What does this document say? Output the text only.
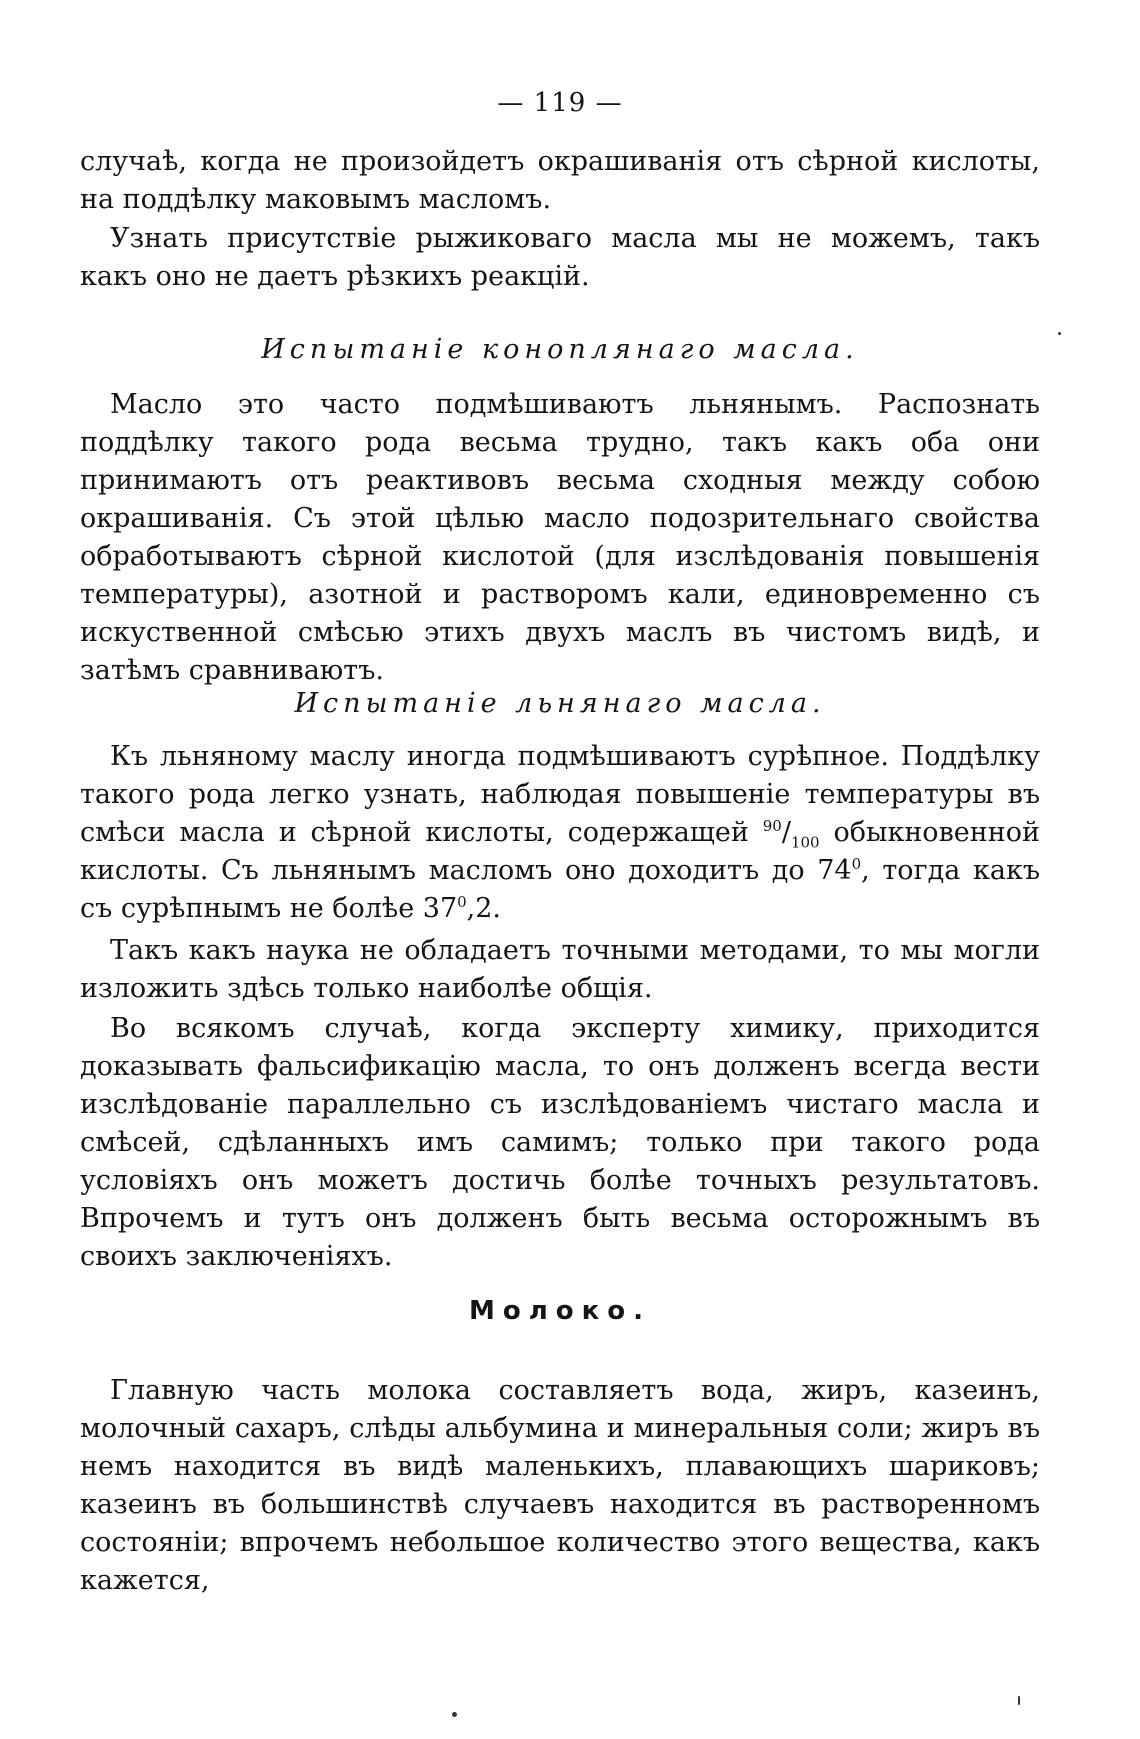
— 119 —

случаѣ, когда не произойдетъ окрашиванія отъ сѣрной кислоты, на поддѣлку маковымъ масломъ.

Узнать присутствіе рыжиковаго масла мы не можемъ, такъ какъ оно не даетъ рѣзкихъ реакцій.

Испытаніе коноплянаго масла.

Масло это часто подмѣшиваютъ льнянымъ. Распознать поддѣлку такого рода весьма трудно, такъ какъ оба они принимаютъ отъ реактивовъ весьма сходныя между собою окрашиванія. Съ этой цѣлью масло подозрительнаго свойства обработываютъ сѣрной кислотой (для изслѣдованія повышенія температуры), азотной и растворомъ кали, единовременно съ искуственной смѣсью этихъ двухъ маслъ въ чистомъ видѣ, и затѣмъ сравниваютъ.

Испытаніе льнянаго масла.

Къ льняному маслу иногда подмѣшиваютъ сурѣпное. Поддѣлку такого рода легко узнать, наблюдая повышеніе температуры въ смѣси масла и сѣрной кислоты, содержащей $^{90}/_{100}$ обыкновенной кислоты. Съ льнянымъ масломъ оно доходитъ до $74^0$, тогда какъ съ сурѣпнымъ не болѣе $37^0,2$.

Такъ какъ наука не обладаетъ точными методами, то мы могли изложить здѣсь только наиболѣе общія.

Во всякомъ случаѣ, когда эксперту химику, приходится доказывать фальсификацію масла, то онъ долженъ всегда вести изслѣдованіе параллельно съ изслѣдованіемъ чистаго масла и смѣсей, сдѣланныхъ имъ самимъ; только при такого рода условіяхъ онъ можетъ достичь болѣе точныхъ результатовъ. Впрочемъ и тутъ онъ долженъ быть весьма осторожнымъ въ своихъ заключеніяхъ.

Молоко.

Главную часть молока составляетъ вода, жиръ, казеинъ, молочный сахаръ, слѣды альбумина и минеральныя соли; жиръ въ немъ находится въ видѣ маленькихъ, плавающихъ шариковъ; казеинъ въ большинствѣ случаевъ находится въ растворенномъ состояніи; впрочемъ небольшое количество этого вещества, какъ кажется,
